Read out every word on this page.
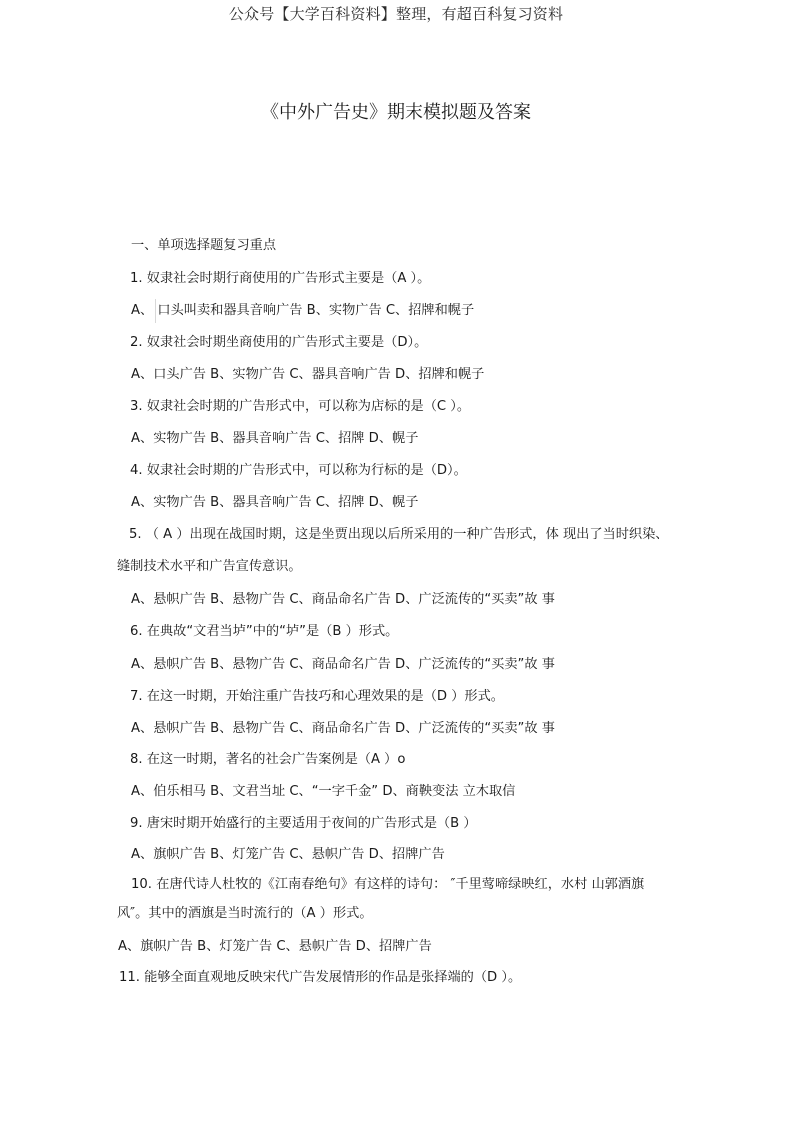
公众号【大学百科资料】整理，有超百科复习资料
《中外广告史》期末模拟题及答案
一、单项选择题复习重点
1. 奴隶社会时期行商使用的广告形式主要是（A ）。
A、 口头叫卖和器具音响广告 B、实物广告 C、招牌和幌子
2. 奴隶社会时期坐商使用的广告形式主要是（D）。
A、口头广告 B、实物广告 C、器具音响广告 D、招牌和幌子
3. 奴隶社会时期的广告形式中，可以称为店标的是（C ）。
A、实物广告 B、器具音响广告 C、招牌 D、幌子
4. 奴隶社会时期的广告形式中，可以称为行标的是（D）。
A、实物广告 B、器具音响广告 C、招牌 D、幌子
5. （ A ）出现在战国时期，这是坐贾出现以后所采用的一种广告形式，体 现出了当时织染、
缝制技术水平和广告宣传意识。
A、悬帜广告 B、悬物广告 C、商品命名广告 D、广泛流传的“买卖”故 事
6. 在典故“文君当垆”中的“垆”是（B ）形式。
A、悬帜广告 B、悬物广告 C、商品命名广告 D、广泛流传的“买卖”故 事
7. 在这一时期，开始注重广告技巧和心理效果的是（D ）形式。
A、悬帜广告 B、悬物广告 C、商品命名广告 D、广泛流传的“买卖”故 事
8. 在这一时期，著名的社会广告案例是（A ）o
A、伯乐相马 B、文君当址 C、“一字千金” D、商鞅变法 立木取信
9. 唐宋时期开始盛行的主要适用于夜间的广告形式是（B ）
A、旗帜广告 B、灯笼广告 C、悬帜广告 D、招牌广告
10. 在唐代诗人杜牧的《江南春绝句》有这样的诗句： ″千里莺啼绿映红，水村 山郭酒旗
风″。其中的酒旗是当时流行的（A ）形式。
A、旗帜广告 B、灯笼广告 C、悬帜广告 D、招牌广告
11. 能够全面直观地反映宋代广告发展情形的作品是张择端的（D ）。
